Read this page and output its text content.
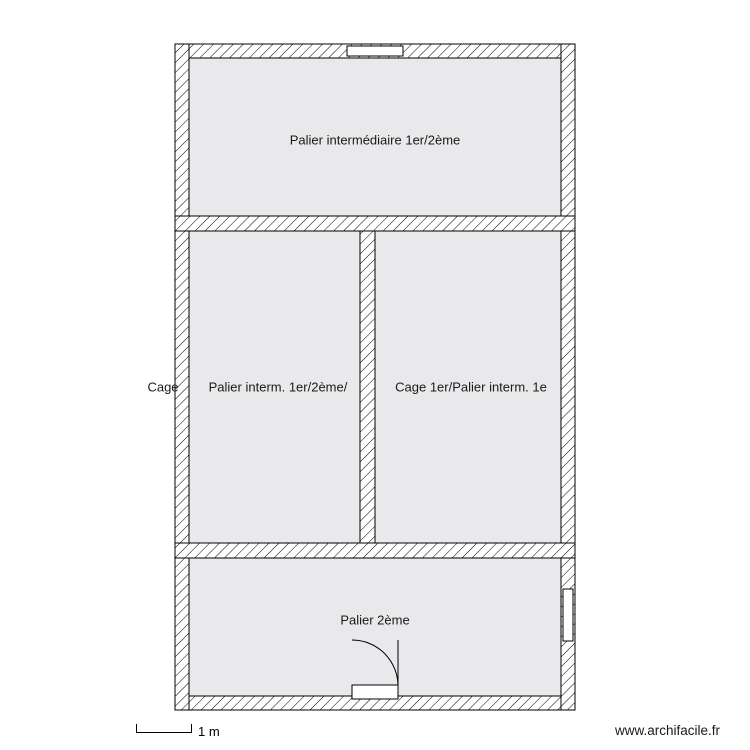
Palier intermédiaire 1er/2ème
Cage Palier interm. 1er/2ème/	Cage 1er/Palier interm. 1e
Palier 2ème
1 m	www.archifacile.fr
